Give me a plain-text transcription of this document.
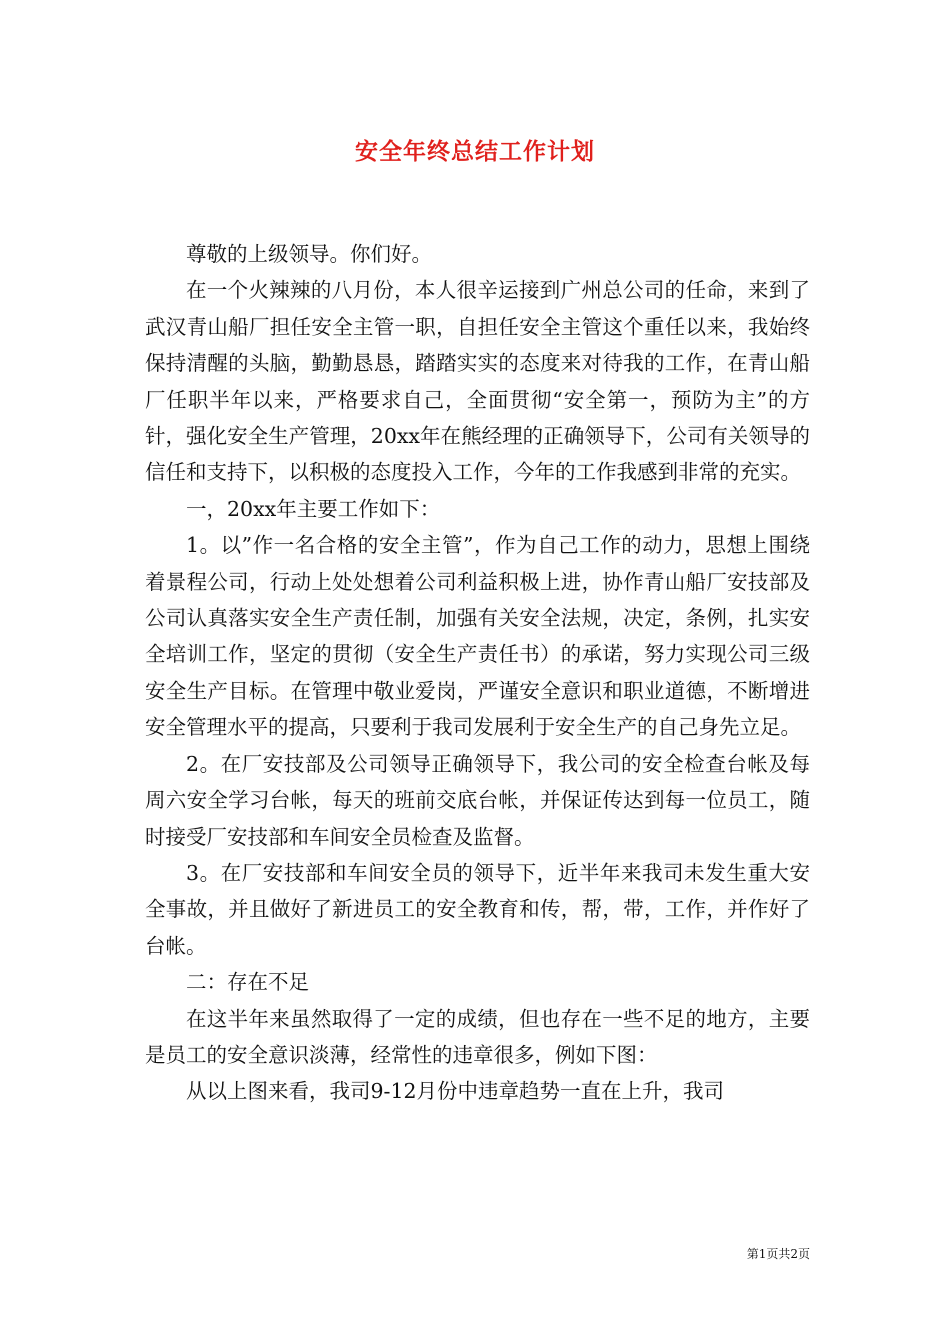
安全年终总结工作计划

尊敬的上级领导。你们好。

在一个火辣辣的八月份，本人很辛运接到广州总公司的任命，来到了武汉青山船厂担任安全主管一职，自担任安全主管这个重任以来，我始终保持清醒的头脑，勤勤恳恳，踏踏实实的态度来对待我的工作，在青山船厂任职半年以来，严格要求自己，全面贯彻“安全第一，预防为主”的方针，强化安全生产管理，20xx年在熊经理的正确领导下，公司有关领导的信任和支持下，以积极的态度投入工作，今年的工作我感到非常的充实。

一，20xx年主要工作如下：

1。以”作一名合格的安全主管”，作为自己工作的动力，思想上围绕着景程公司，行动上处处想着公司利益积极上进，协作青山船厂安技部及公司认真落实安全生产责任制，加强有关安全法规，决定，条例，扎实安全培训工作，坚定的贯彻（安全生产责任书）的承诺，努力实现公司三级安全生产目标。在管理中敬业爱岗，严谨安全意识和职业道德，不断增进安全管理水平的提高，只要利于我司发展利于安全生产的自己身先立足。

2。在厂安技部及公司领导正确领导下，我公司的安全检查台帐及每周六安全学习台帐，每天的班前交底台帐，并保证传达到每一位员工，随时接受厂安技部和车间安全员检查及监督。

3。在厂安技部和车间安全员的领导下，近半年来我司未发生重大安全事故，并且做好了新进员工的安全教育和传，帮，带，工作，并作好了台帐。

二：存在不足

在这半年来虽然取得了一定的成绩，但也存在一些不足的地方，主要是员工的安全意识淡薄，经常性的违章很多，例如下图：

从以上图来看，我司9-12月份中违章趋势一直在上升，我司

第1页共2页
